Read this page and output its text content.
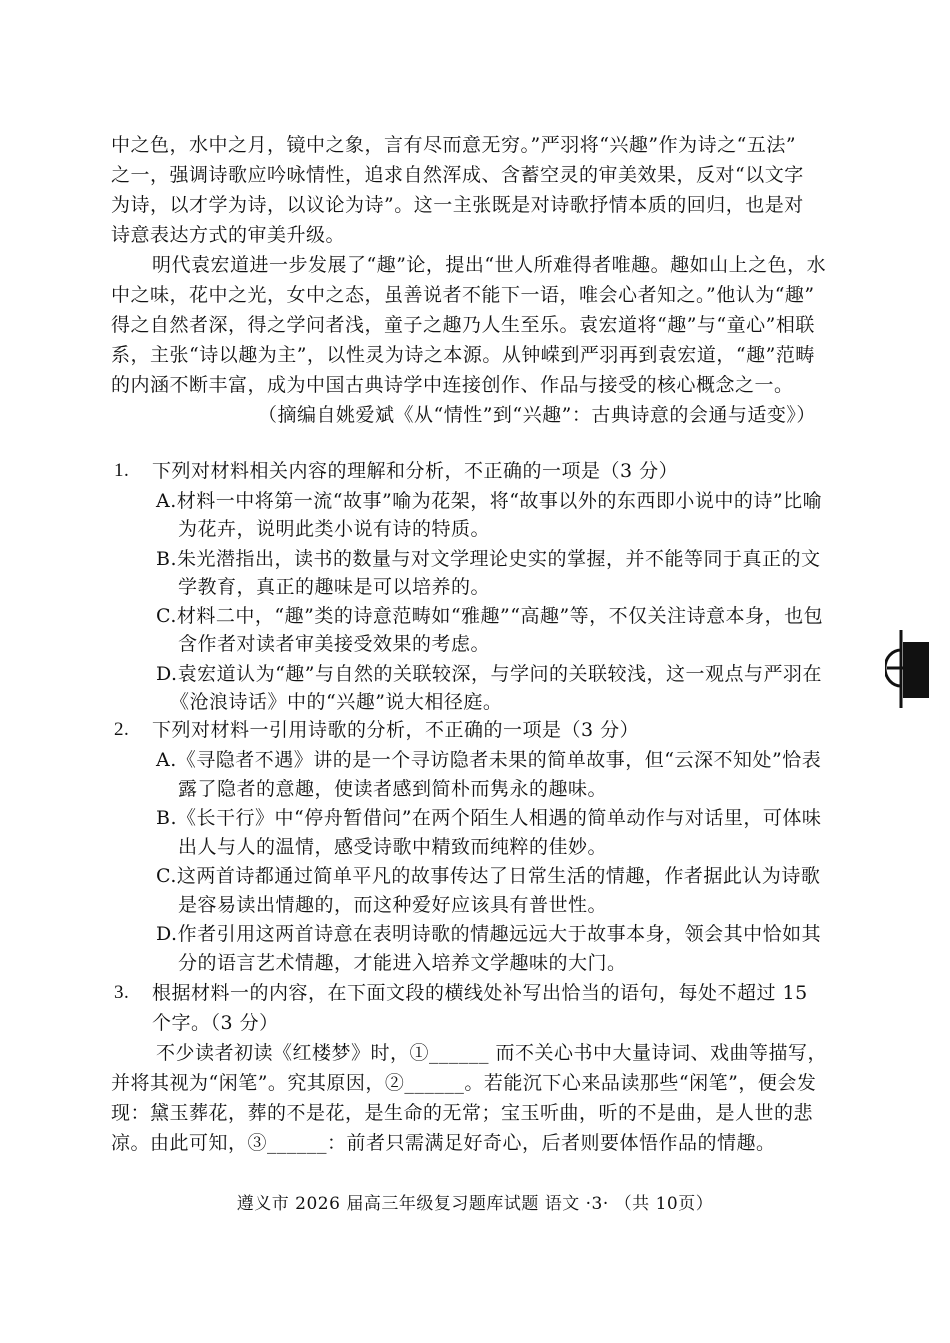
中之色，水中之月，镜中之象，言有尽而意无穷。”严羽将“兴趣”作为诗之“五法”
之一，强调诗歌应吟咏情性，追求自然浑成、含蓄空灵的审美效果，反对“以文字
为诗，以才学为诗，以议论为诗”。这一主张既是对诗歌抒情本质的回归，也是对
诗意表达方式的审美升级。
明代袁宏道进一步发展了“趣”论，提出“世人所难得者唯趣。趣如山上之色，水
中之味，花中之光，女中之态，虽善说者不能下一语，唯会心者知之。”他认为“趣”
得之自然者深，得之学问者浅，童子之趣乃人生至乐。袁宏道将“趣”与“童心”相联
系，主张“诗以趣为主”，以性灵为诗之本源。从钟嵘到严羽再到袁宏道，“趣”范畴
的内涵不断丰富，成为中国古典诗学中连接创作、作品与接受的核心概念之一。
（摘编自姚爱斌《从“情性”到“兴趣”：古典诗意的会通与适变》）
1. 下列对材料相关内容的理解和分析，不正确的一项是（3 分）
A.材料一中将第一流“故事”喻为花架，将“故事以外的东西即小说中的诗”比喻
为花卉，说明此类小说有诗的特质。
B.朱光潜指出，读书的数量与对文学理论史实的掌握，并不能等同于真正的文
学教育，真正的趣味是可以培养的。
C.材料二中，“趣”类的诗意范畴如“雅趣”“高趣”等，不仅关注诗意本身，也包
含作者对读者审美接受效果的考虑。
D.袁宏道认为“趣”与自然的关联较深，与学问的关联较浅，这一观点与严羽在
《沧浪诗话》中的“兴趣”说大相径庭。
2. 下列对材料一引用诗歌的分析，不正确的一项是（3 分）
A.《寻隐者不遇》讲的是一个寻访隐者未果的简单故事，但“云深不知处”恰表
露了隐者的意趣，使读者感到简朴而隽永的趣味。
B.《长干行》中“停舟暂借问”在两个陌生人相遇的简单动作与对话里，可体味
出人与人的温情，感受诗歌中精致而纯粹的佳妙。
C.这两首诗都通过简单平凡的故事传达了日常生活的情趣，作者据此认为诗歌
是容易读出情趣的，而这种爱好应该具有普世性。
D.作者引用这两首诗意在表明诗歌的情趣远远大于故事本身，领会其中恰如其
分的语言艺术情趣，才能进入培养文学趣味的大门。
3. 根据材料一的内容，在下面文段的横线处补写出恰当的语句，每处不超过 15
个字。（3 分）
不少读者初读《红楼梦》时，①______ 而不关心书中大量诗词、戏曲等描写，
并将其视为“闲笔”。究其原因，②______。若能沉下心来品读那些“闲笔”，便会发
现：黛玉葬花，葬的不是花，是生命的无常；宝玉听曲，听的不是曲，是人世的悲
凉。由此可知，③______：前者只需满足好奇心，后者则要体悟作品的情趣。
遵义市 2026 届高三年级复习题库试题 语文 ·3· （共 10页）
